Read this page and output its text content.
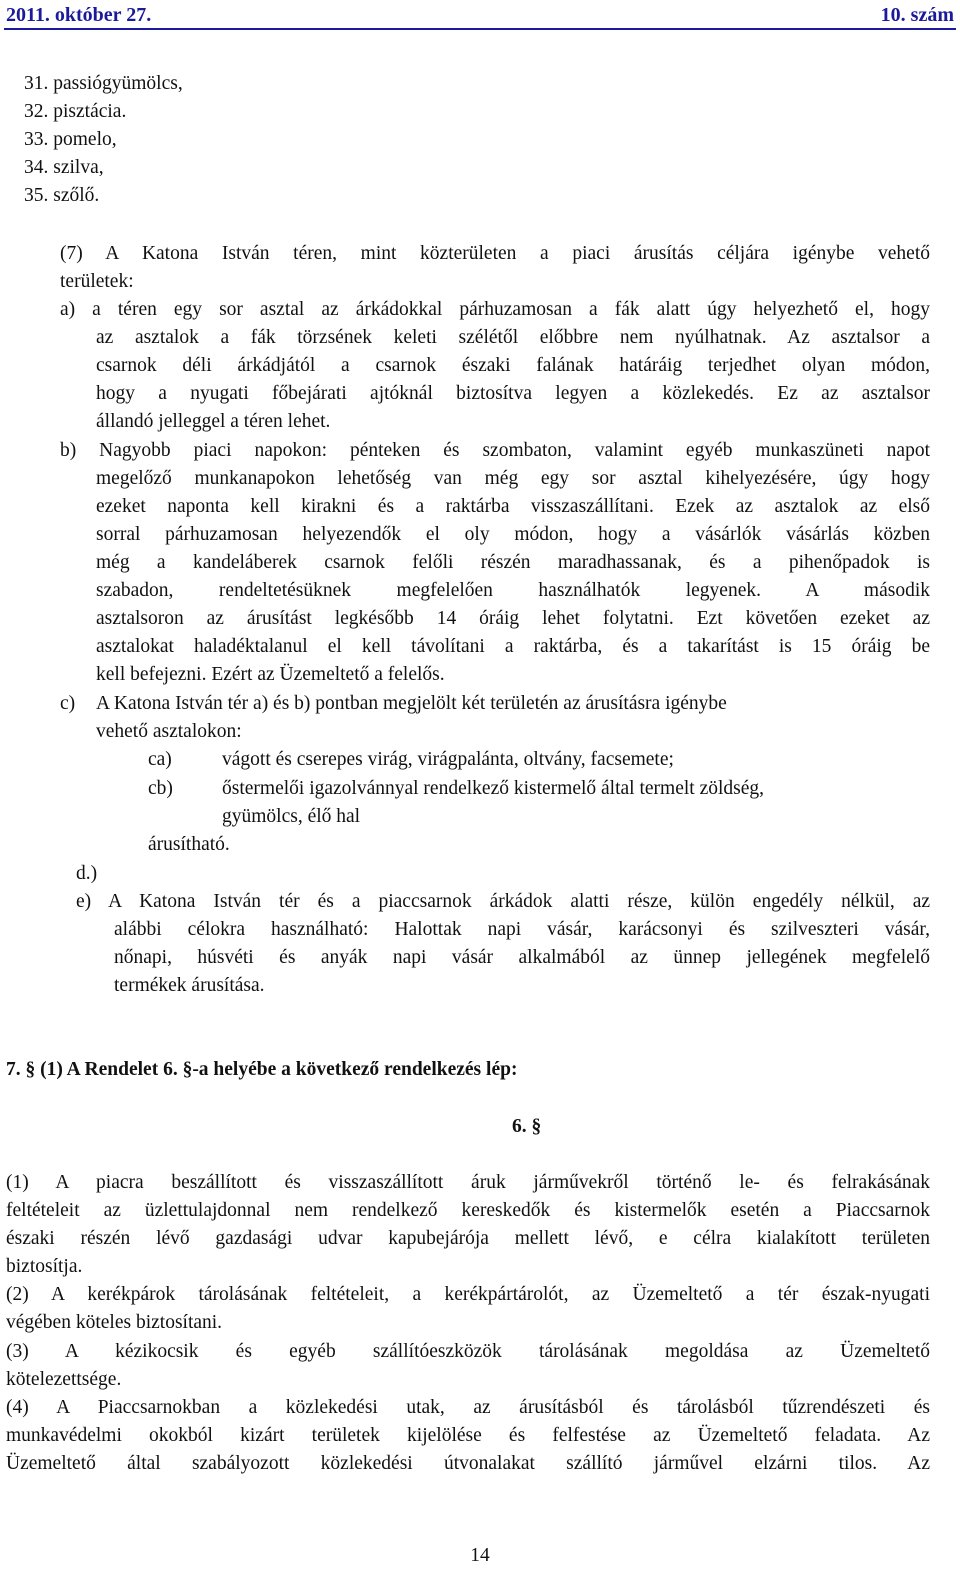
2011. október 27.	10. szám
31. passiógyümölcs,
32. pisztácia.
33. pomelo,
34. szilva,
35. szőlő.
(7) A Katona István téren, mint közterületen a piaci árusítás céljára igénybe vehető
területek:
a) a téren egy sor asztal az árkádokkal párhuzamosan a fák alatt úgy helyezhető el, hogy
az asztalok a fák törzsének keleti szélétől előbbre nem nyúlhatnak. Az asztalsor a
csarnok déli árkádjától a csarnok északi falának határáig terjedhet olyan módon,
hogy a nyugati főbejárati ajtóknál biztosítva legyen a közlekedés. Ez az asztalsor
állandó jelleggel a téren lehet.
b) Nagyobb piaci napokon: pénteken és szombaton, valamint egyéb munkaszüneti napot
megelőző munkanapokon lehetőség van még egy sor asztal kihelyezésére, úgy hogy
ezeket naponta kell kirakni és a raktárba visszaszállítani. Ezek az asztalok az első
sorral párhuzamosan helyezendők el oly módon, hogy a vásárlók vásárlás közben
még a kandeláberek csarnok felőli részén maradhassanak, és a pihenőpadok is
szabadon, rendeltetésüknek megfelelően használhatók legyenek. A második
asztalsoron az árusítást legkésőbb 14 óráig lehet folytatni. Ezt követően ezeket az
asztalokat haladéktalanul el kell távolítani a raktárba, és a takarítást is 15 óráig be
kell befejezni. Ezért az Üzemeltető a felelős.
c) A Katona István tér a) és b) pontban megjelölt két területén az árusításra igénybe
vehető asztalokon:
ca)	vágott és cserepes virág, virágpalánta, oltvány, facsemete;
cb)	őstermelői igazolvánnyal rendelkező kistermelő által termelt zöldség,
gyümölcs, élő hal
árusítható.
d.)
e) A Katona István tér és a piaccsarnok árkádok alatti része, külön engedély nélkül, az
alábbi célokra használható: Halottak napi vásár, karácsonyi és szilveszteri vásár,
nőnapi, húsvéti és anyák napi vásár alkalmából az ünnep jellegének megfelelő
termékek árusítása.
7. § (1) A Rendelet 6. §-a helyébe a következő rendelkezés lép:
6. §
(1) A piacra beszállított és visszaszállított áruk járművekről történő le- és felrakásának
feltételeit az üzlettulajdonnal nem rendelkező kereskedők és kistermelők esetén a Piaccsarnok
északi részén lévő gazdasági udvar kapubejárója mellett lévő, e célra kialakított területen
biztosítja.
(2) A kerékpárok tárolásának feltételeit, a kerékpártárolót, az Üzemeltető a tér észak-nyugati
végében köteles biztosítani.
(3) A kézikocsik és egyéb szállítóeszközök tárolásának megoldása az Üzemeltető
kötelezettsége.
(4) A Piaccsarnokban a közlekedési utak, az árusításból és tárolásból tűzrendészeti és
munkavédelmi okokból kizárt területek kijelölése és felfestése az Üzemeltető feladata. Az
Üzemeltető által szabályozott közlekedési útvonalakat szállító járművel elzárni tilos. Az
14
